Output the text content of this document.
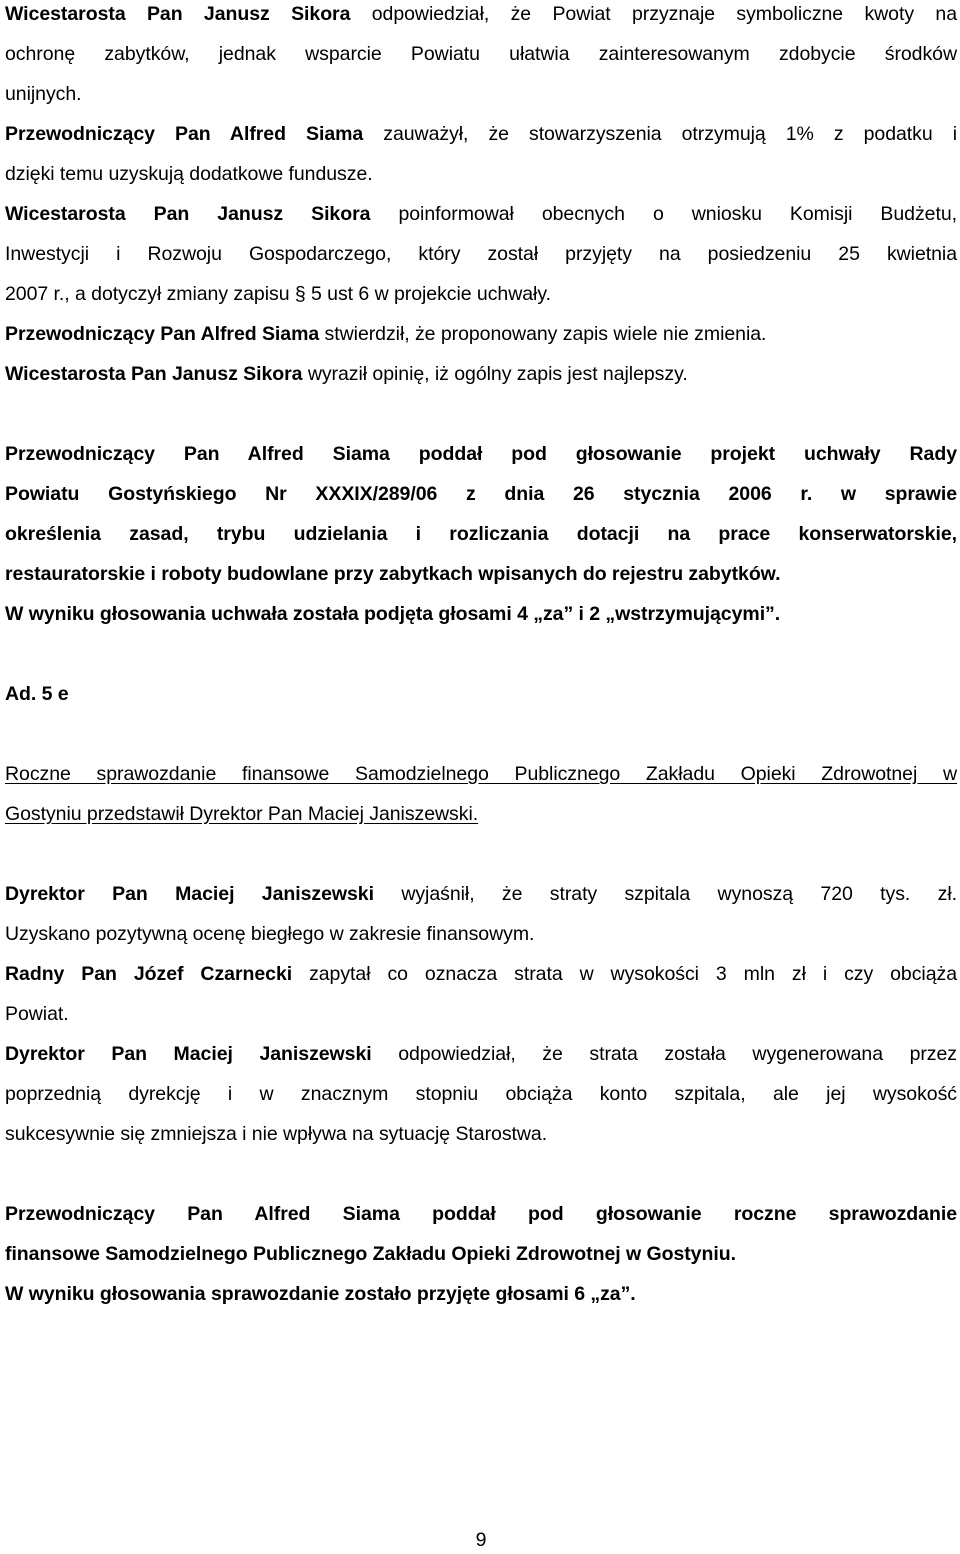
9
Wicestarosta Pan Janusz Sikora odpowiedział, że Powiat przyznaje symboliczne kwoty na
ochronę zabytków, jednak wsparcie Powiatu ułatwia zainteresowanym zdobycie środków
unijnych.
Przewodniczący Pan Alfred Siama zauważył, że stowarzyszenia otrzymują 1% z podatku i
dzięki temu uzyskują dodatkowe fundusze.
Wicestarosta Pan Janusz Sikora poinformował obecnych o wniosku Komisji Budżetu,
Inwestycji i Rozwoju Gospodarczego, który został przyjęty na posiedzeniu 25 kwietnia
2007 r., a dotyczył zmiany zapisu § 5 ust 6 w projekcie uchwały.
Przewodniczący Pan Alfred Siama stwierdził, że proponowany zapis wiele nie zmienia.
Wicestarosta Pan Janusz Sikora wyraził opinię, iż ogólny zapis jest najlepszy.
Przewodniczący Pan Alfred Siama poddał pod głosowanie projekt uchwały Rady
Powiatu Gostyńskiego Nr XXXIX/289/06 z dnia 26 stycznia 2006 r. w sprawie
określenia zasad, trybu udzielania i rozliczania dotacji na prace konserwatorskie,
restauratorskie i roboty budowlane przy zabytkach wpisanych do rejestru zabytków.
W wyniku głosowania uchwała została podjęta głosami 4 „za” i 2 „wstrzymującymi”.
Ad. 5 e
Roczne sprawozdanie finansowe Samodzielnego Publicznego Zakładu Opieki Zdrowotnej w
Gostyniu przedstawił Dyrektor Pan Maciej Janiszewski.
Dyrektor Pan Maciej Janiszewski wyjaśnił, że straty szpitala wynoszą 720 tys. zł.
Uzyskano pozytywną ocenę biegłego w zakresie finansowym.
Radny Pan Józef Czarnecki zapytał co oznacza strata w wysokości 3 mln zł i czy obciąża
Powiat.
Dyrektor Pan Maciej Janiszewski odpowiedział, że strata została wygenerowana przez
poprzednią dyrekcję i w znacznym stopniu obciąża konto szpitala, ale jej wysokość
sukcesywnie się zmniejsza i nie wpływa na sytuację Starostwa.
Przewodniczący Pan Alfred Siama poddał pod głosowanie roczne sprawozdanie
finansowe Samodzielnego Publicznego Zakładu Opieki Zdrowotnej w Gostyniu.
W wyniku głosowania sprawozdanie zostało przyjęte głosami 6 „za”.
